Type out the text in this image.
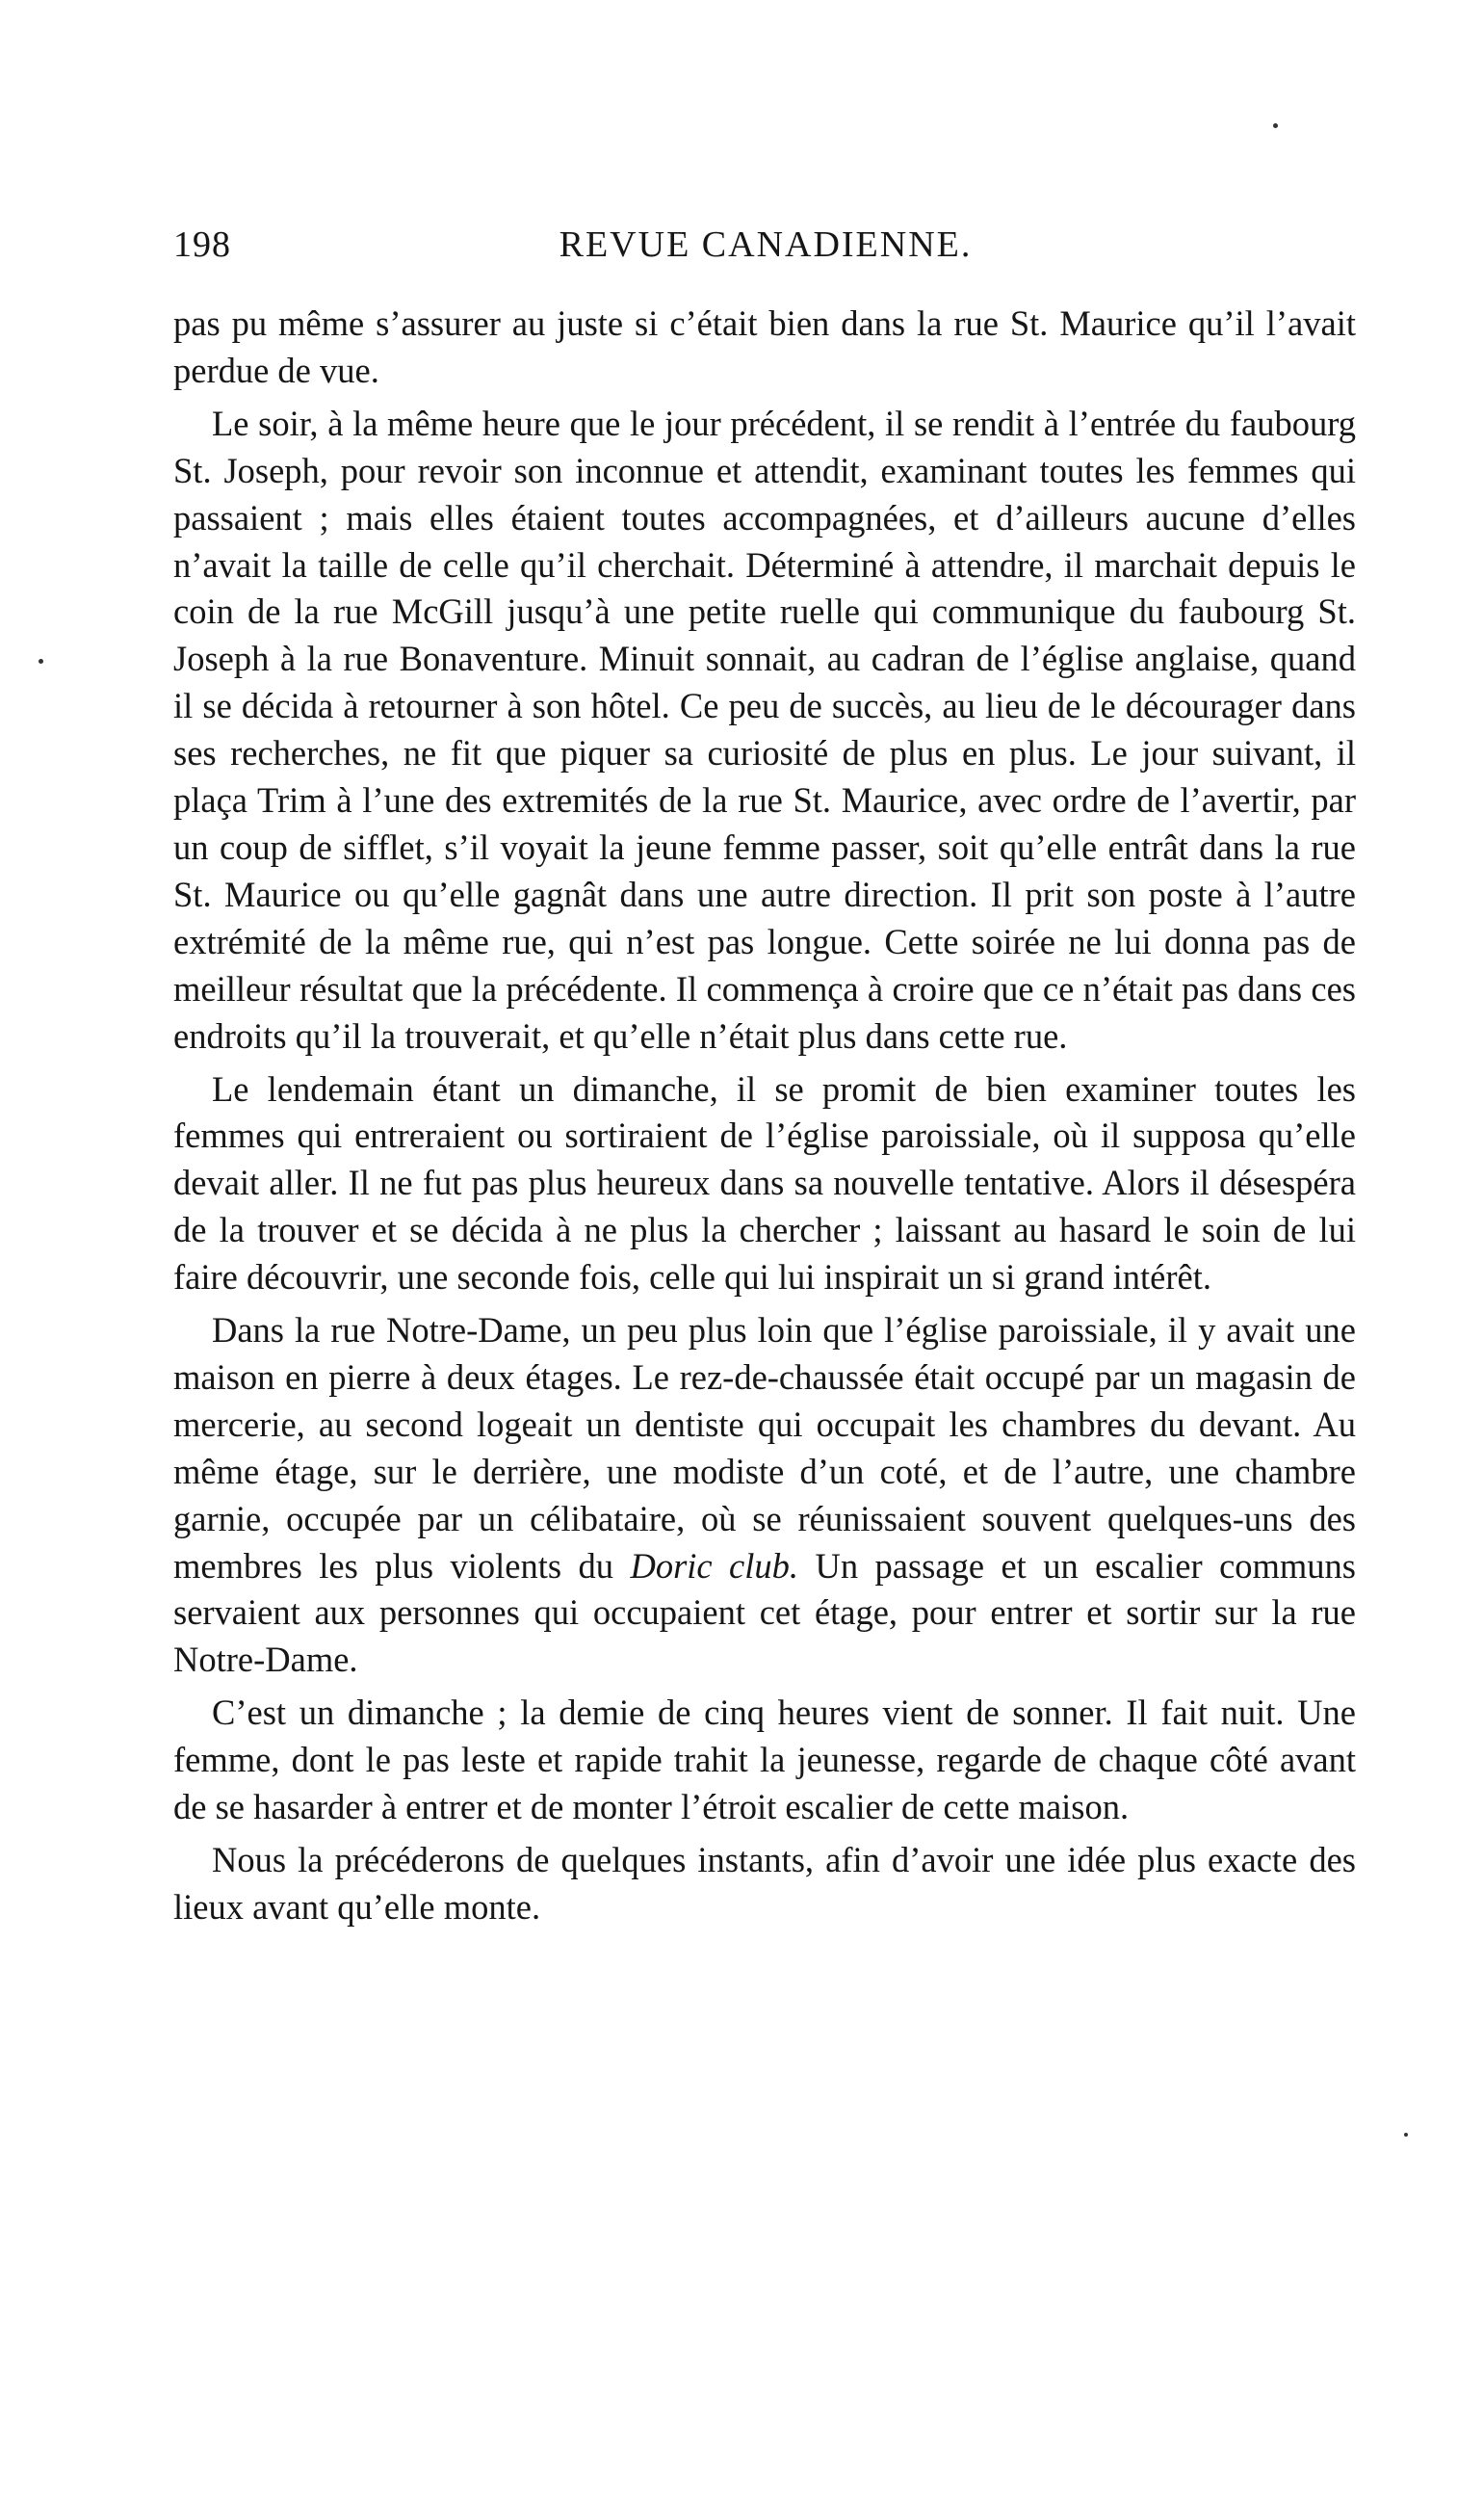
198	REVUE CANADIENNE.

pas pu même s’assurer au juste si c’était bien dans la rue St. Maurice qu’il l’avait perdue de vue.

Le soir, à la même heure que le jour précédent, il se rendit à l’entrée du faubourg St. Joseph, pour revoir son inconnue et attendit, examinant toutes les femmes qui passaient ; mais elles étaient toutes accompagnées, et d’ailleurs aucune d’elles n’avait la taille de celle qu’il cherchait. Déterminé à attendre, il marchait depuis le coin de la rue McGill jusqu’à une petite ruelle qui communique du faubourg St. Joseph à la rue Bonaventure. Minuit sonnait, au cadran de l’église anglaise, quand il se décida à retourner à son hôtel. Ce peu de succès, au lieu de le décourager dans ses recherches, ne fit que piquer sa curiosité de plus en plus. Le jour suivant, il plaça Trim à l’une des extremités de la rue St. Maurice, avec ordre de l’avertir, par un coup de sifflet, s’il voyait la jeune femme passer, soit qu’elle entrât dans la rue St. Maurice ou qu’elle gagnât dans une autre direction. Il prit son poste à l’autre extrémité de la même rue, qui n’est pas longue. Cette soirée ne lui donna pas de meilleur résultat que la précédente. Il commença à croire que ce n’était pas dans ces endroits qu’il la trouverait, et qu’elle n’était plus dans cette rue.

Le lendemain étant un dimanche, il se promit de bien examiner toutes les femmes qui entreraient ou sortiraient de l’église paroissiale, où il supposa qu’elle devait aller. Il ne fut pas plus heureux dans sa nouvelle tentative. Alors il désespéra de la trouver et se décida à ne plus la chercher ; laissant au hasard le soin de lui faire découvrir, une seconde fois, celle qui lui inspirait un si grand intérêt.

Dans la rue Notre-Dame, un peu plus loin que l’église paroissiale, il y avait une maison en pierre à deux étages. Le rez-de-chaussée était occupé par un magasin de mercerie, au second logeait un dentiste qui occupait les chambres du devant. Au même étage, sur le derrière, une modiste d’un coté, et de l’autre, une chambre garnie, occupée par un célibataire, où se réunissaient souvent quelques-uns des membres les plus violents du Doric club. Un passage et un escalier communs servaient aux personnes qui occupaient cet étage, pour entrer et sortir sur la rue Notre-Dame.

C’est un dimanche ; la demie de cinq heures vient de sonner. Il fait nuit. Une femme, dont le pas leste et rapide trahit la jeunesse, regarde de chaque côté avant de se hasarder à entrer et de monter l’étroit escalier de cette maison.

Nous la précéderons de quelques instants, afin d’avoir une idée plus exacte des lieux avant qu’elle monte.
